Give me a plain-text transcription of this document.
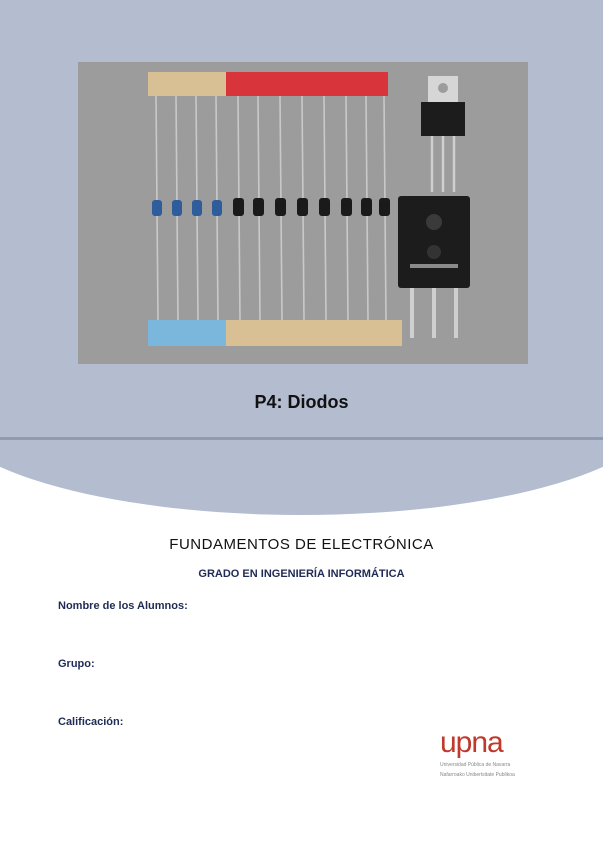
P4: Diodos
FUNDAMENTOS DE ELECTRÓNICA
GRADO EN INGENIERÍA INFORMÁTICA
Nombre de los Alumnos:
Grupo:
Calificación:
upna
Universidad Pública de Navarra
Nafarroako Unibertsitate Publikoa
